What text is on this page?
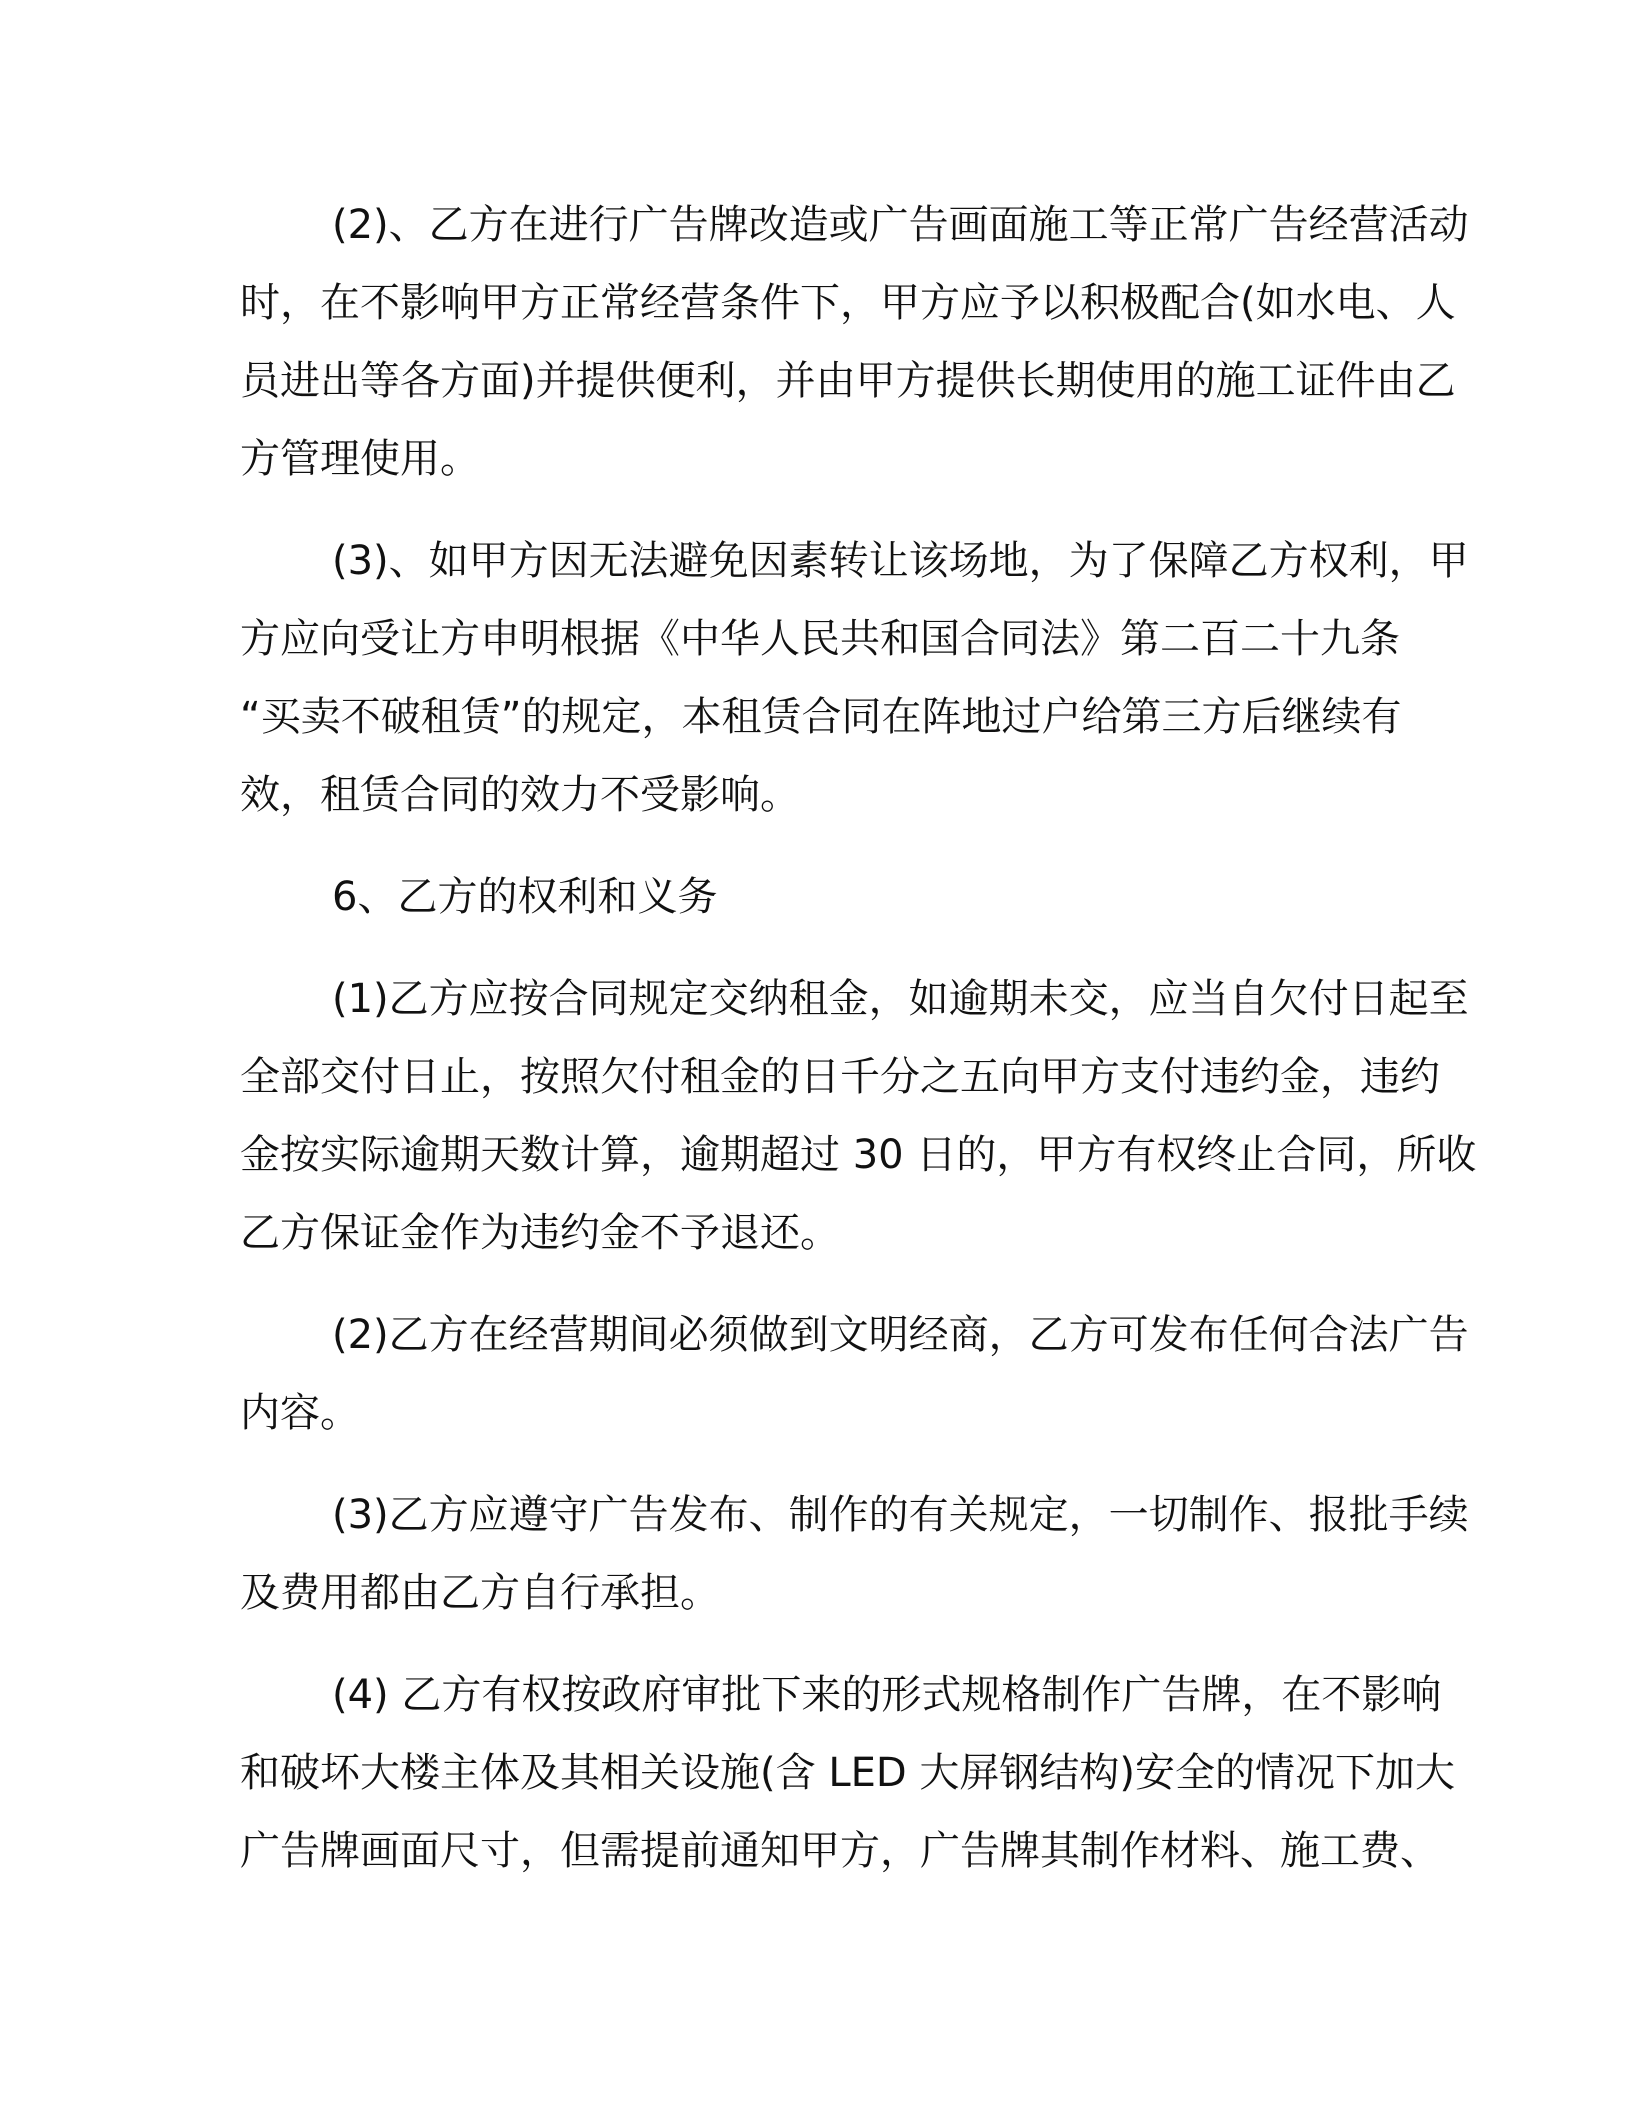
(2)、乙方在进行广告牌改造或广告画面施工等正常广告经营活动
时，在不影响甲方正常经营条件下，甲方应予以积极配合(如水电、人
员进出等各方面)并提供便利，并由甲方提供长期使用的施工证件由乙
方管理使用。
(3)、如甲方因无法避免因素转让该场地，为了保障乙方权利，甲
方应向受让方申明根据《中华人民共和国合同法》第二百二十九条
“买卖不破租赁”的规定，本租赁合同在阵地过户给第三方后继续有
效，租赁合同的效力不受影响。
6、乙方的权利和义务
(1)乙方应按合同规定交纳租金，如逾期未交，应当自欠付日起至
全部交付日止，按照欠付租金的日千分之五向甲方支付违约金，违约
金按实际逾期天数计算，逾期超过 30 日的，甲方有权终止合同，所收
乙方保证金作为违约金不予退还。
(2)乙方在经营期间必须做到文明经商，乙方可发布任何合法广告
内容。
(3)乙方应遵守广告发布、制作的有关规定，一切制作、报批手续
及费用都由乙方自行承担。
(4) 乙方有权按政府审批下来的形式规格制作广告牌，在不影响
和破坏大楼主体及其相关设施(含 LED 大屏钢结构)安全的情况下加大
广告牌画面尺寸，但需提前通知甲方，广告牌其制作材料、施工费、
